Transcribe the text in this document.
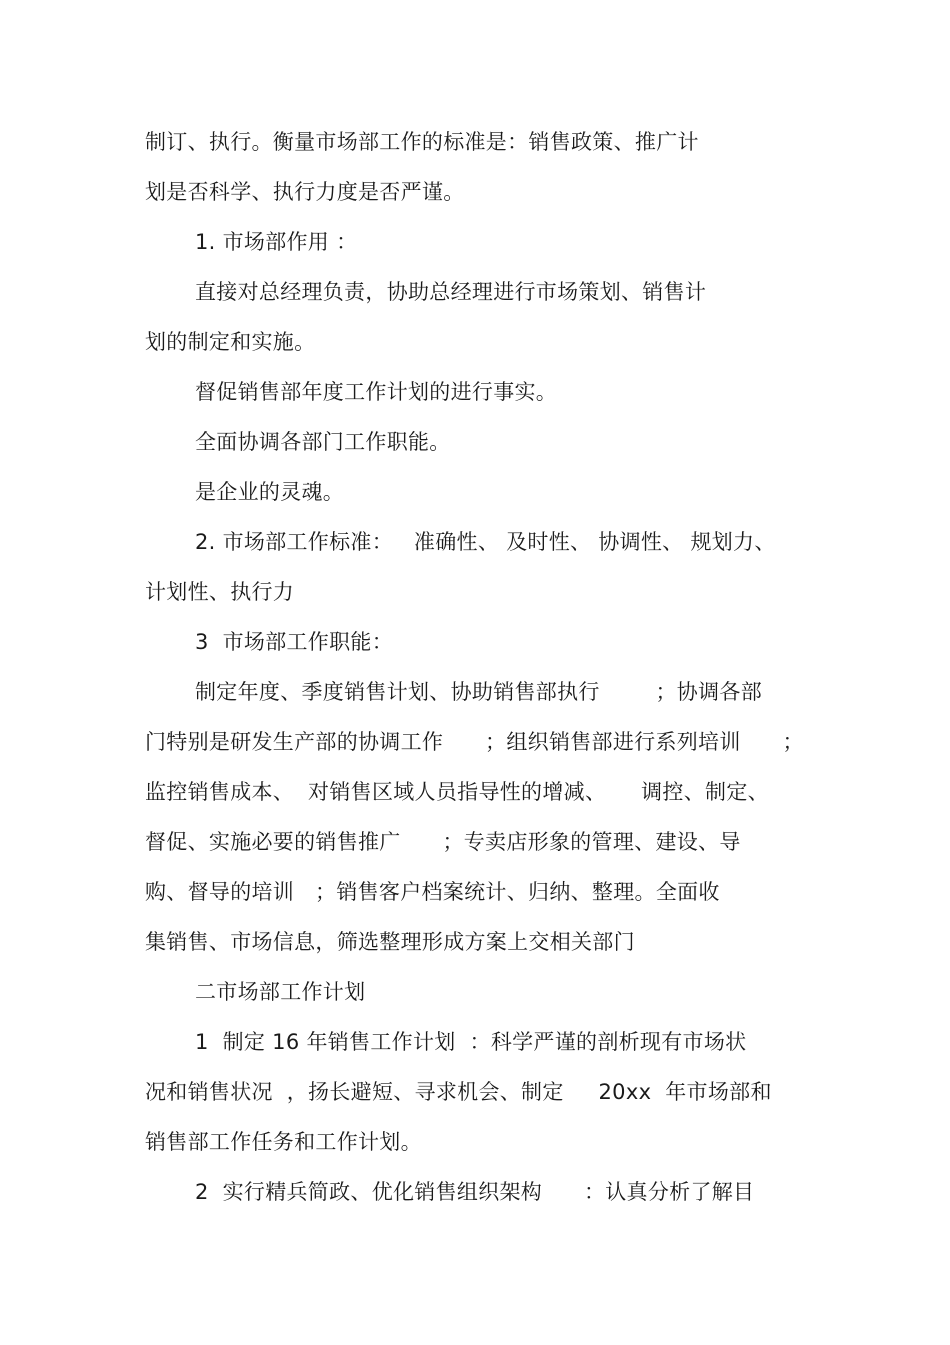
制订、执行。衡量市场部工作的标准是：销售政策、推广计
划是否科学、执行力度是否严谨。
1. 市场部作用 ：
直接对总经理负责，协助总经理进行市场策划、销售计
划的制定和实施。
督促销售部年度工作计划的进行事实。
全面协调各部门工作职能。
是企业的灵魂。
2. 市场部工作标准：   准确性、 及时性、 协调性、 规划力、
计划性、执行力
3  市场部工作职能：
制定年度、季度销售计划、协助销售部执行        ；协调各部
门特别是研发生产部的协调工作      ；组织销售部进行系列培训      ；
监控销售成本、  对销售区域人员指导性的增减、     调控、制定、
督促、实施必要的销售推广      ；专卖店形象的管理、建设、导
购、督导的培训   ；销售客户档案统计、归纳、整理。全面收
集销售、市场信息，筛选整理形成方案上交相关部门
二市场部工作计划
1  制定 16 年销售工作计划  ：科学严谨的剖析现有市场状
况和销售状况  ，扬长避短、寻求机会、制定     20xx  年市场部和
销售部工作任务和工作计划。
2  实行精兵简政、优化销售组织架构      ：认真分析了解目
